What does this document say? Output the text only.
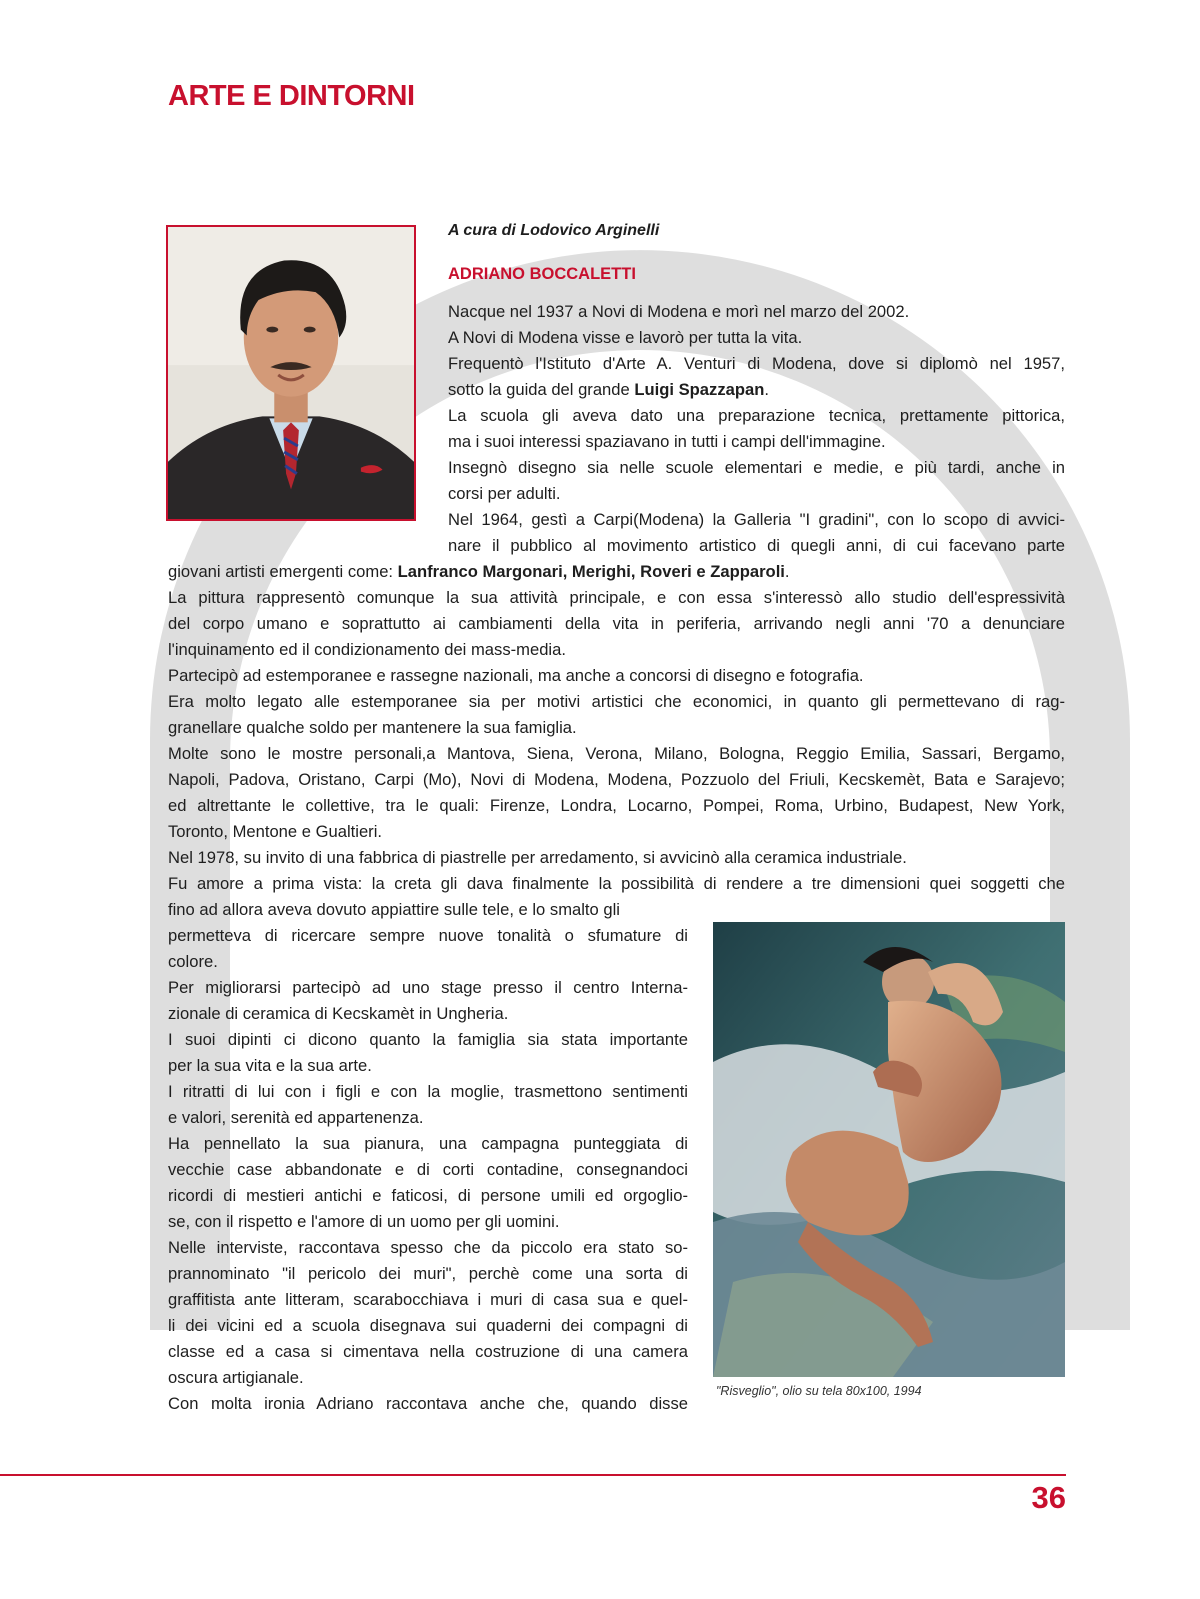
ARTE E DINTORNI

A cura di Lodovico Arginelli

ADRIANO BOCCALETTI

Nacque nel 1937 a Novi di Modena e morì nel marzo del 2002.

A Novi di Modena visse e lavorò per tutta la vita.

Frequentò l'Istituto d'Arte A. Venturi di Modena, dove si diplomò nel 1957,

sotto la guida del grande Luigi Spazzapan.

La scuola gli aveva dato una preparazione tecnica, prettamente pittorica,

ma i suoi interessi spaziavano in tutti i campi dell'immagine.

Insegnò disegno sia nelle scuole elementari e medie, e più tardi, anche in

corsi per adulti.

Nel 1964, gestì a Carpi(Modena) la Galleria "I gradini", con lo scopo di avvici-

nare il pubblico al movimento artistico di quegli anni, di cui facevano parte

giovani artisti emergenti come: Lanfranco Margonari, Merighi, Roveri e Zapparoli.

La pittura rappresentò comunque la sua attività principale, e con essa s'interessò allo studio dell'espressività

del corpo umano e soprattutto ai cambiamenti della vita in periferia, arrivando negli anni '70 a denunciare

l'inquinamento ed il condizionamento dei mass-media.

Partecipò ad estemporanee e rassegne nazionali, ma anche a concorsi di disegno e fotografia.

Era molto legato alle estemporanee sia per motivi artistici che economici, in quanto gli permettevano di rag-

granellare qualche soldo per mantenere la sua famiglia.

Molte sono le mostre personali,a Mantova, Siena, Verona, Milano, Bologna, Reggio Emilia, Sassari, Bergamo,

Napoli, Padova, Oristano, Carpi (Mo), Novi di Modena, Modena, Pozzuolo del Friuli, Kecskemèt, Bata e Sarajevo;

ed altrettante le collettive, tra le quali: Firenze, Londra, Locarno, Pompei, Roma, Urbino, Budapest, New York,

Toronto, Mentone e Gualtieri.

Nel 1978, su invito di una fabbrica di piastrelle per arredamento, si avvicinò alla ceramica industriale.

Fu amore a prima vista: la creta gli dava finalmente la possibilità di rendere a tre dimensioni quei soggetti che

fino ad allora aveva dovuto appiattire sulle tele, e lo smalto gli

permetteva di ricercare sempre nuove tonalità o sfumature di

colore.

Per migliorarsi partecipò ad uno stage presso il centro Interna-

zionale di ceramica di Kecskamèt in Ungheria.

I suoi dipinti ci dicono quanto la famiglia sia stata importante

per la sua vita e la sua arte.

I ritratti di lui con i figli e con la moglie, trasmettono sentimenti

e valori, serenità ed appartenenza.

Ha pennellato la sua pianura, una campagna punteggiata di

vecchie case abbandonate e di corti contadine, consegnandoci

ricordi di mestieri antichi e faticosi, di persone umili ed orgoglio-

se, con il rispetto e l'amore di un uomo per gli uomini.

Nelle interviste, raccontava spesso che da piccolo era stato so-

prannominato "il pericolo dei muri", perchè come una sorta di

graffitista ante litteram, scarabocchiava i muri di casa sua e quel-

li dei vicini ed a scuola disegnava sui quaderni dei compagni di

classe ed a casa si cimentava nella costruzione di una camera

oscura artigianale.

Con molta ironia Adriano raccontava anche che, quando disse

"Risveglio", olio su tela 80x100, 1994

36
